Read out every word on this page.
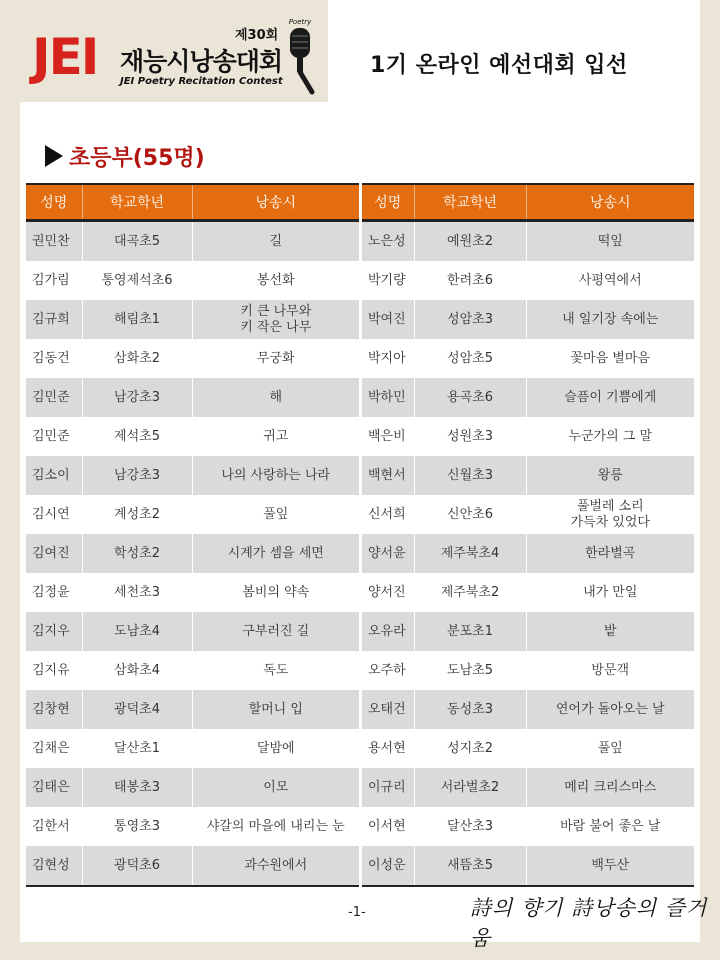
JEI	제30회
재능시낭송대회
JEI Poetry Recitation Contest
Poetry
1기 온라인 예선대회 입선
초등부(55명)
성명	학교학년	낭송시
권민찬	대곡초5	길
김가림	통영제석초6	봉선화
김규희	해림초1	키 큰 나무와
키 작은 나무
김동건	삼화초2	무궁화
김민준	남강초3	해
김민준	제석초5	귀고
김소이	남강초3	나의 사랑하는 나라
김시연	계성초2	풀잎
김여진	학성초2	시계가 셈을 세면
김정윤	세천초3	봄비의 약속
김지우	도남초4	구부러진 길
김지유	삼화초4	독도
김창현	광덕초4	할머니 입
김채은	달산초1	달밤에
김태은	태봉초3	이모
김한서	통영초3	샤갈의 마을에 내리는 눈
김현성	광덕초6	과수원에서
성명	학교학년	낭송시
노은성	예원초2	떡잎
박기량	한려초6	사평역에서
박여진	성암초3	내 일기장 속에는
박지아	성암초5	꽃마음 별마음
박하민	용곡초6	슬픔이 기쁨에게
백은비	성원초3	누군가의 그 말
백현서	신월초3	왕릉
신서희	신안초6	풀벌레 소리
가득차 있었다
양서윤	제주북초4	한라별곡
양서진	제주북초2	내가 만일
오유라	분포초1	밭
오주하	도남초5	방문객
오태건	동성초3	연어가 돌아오는 날
용서현	성지초2	풀잎
이규리	서라벌초2	메리 크리스마스
이서현	달산초3	바람 불어 좋은 날
이성운	새뜸초5	백두산
-1-	詩의 향기 詩낭송의 즐거움
